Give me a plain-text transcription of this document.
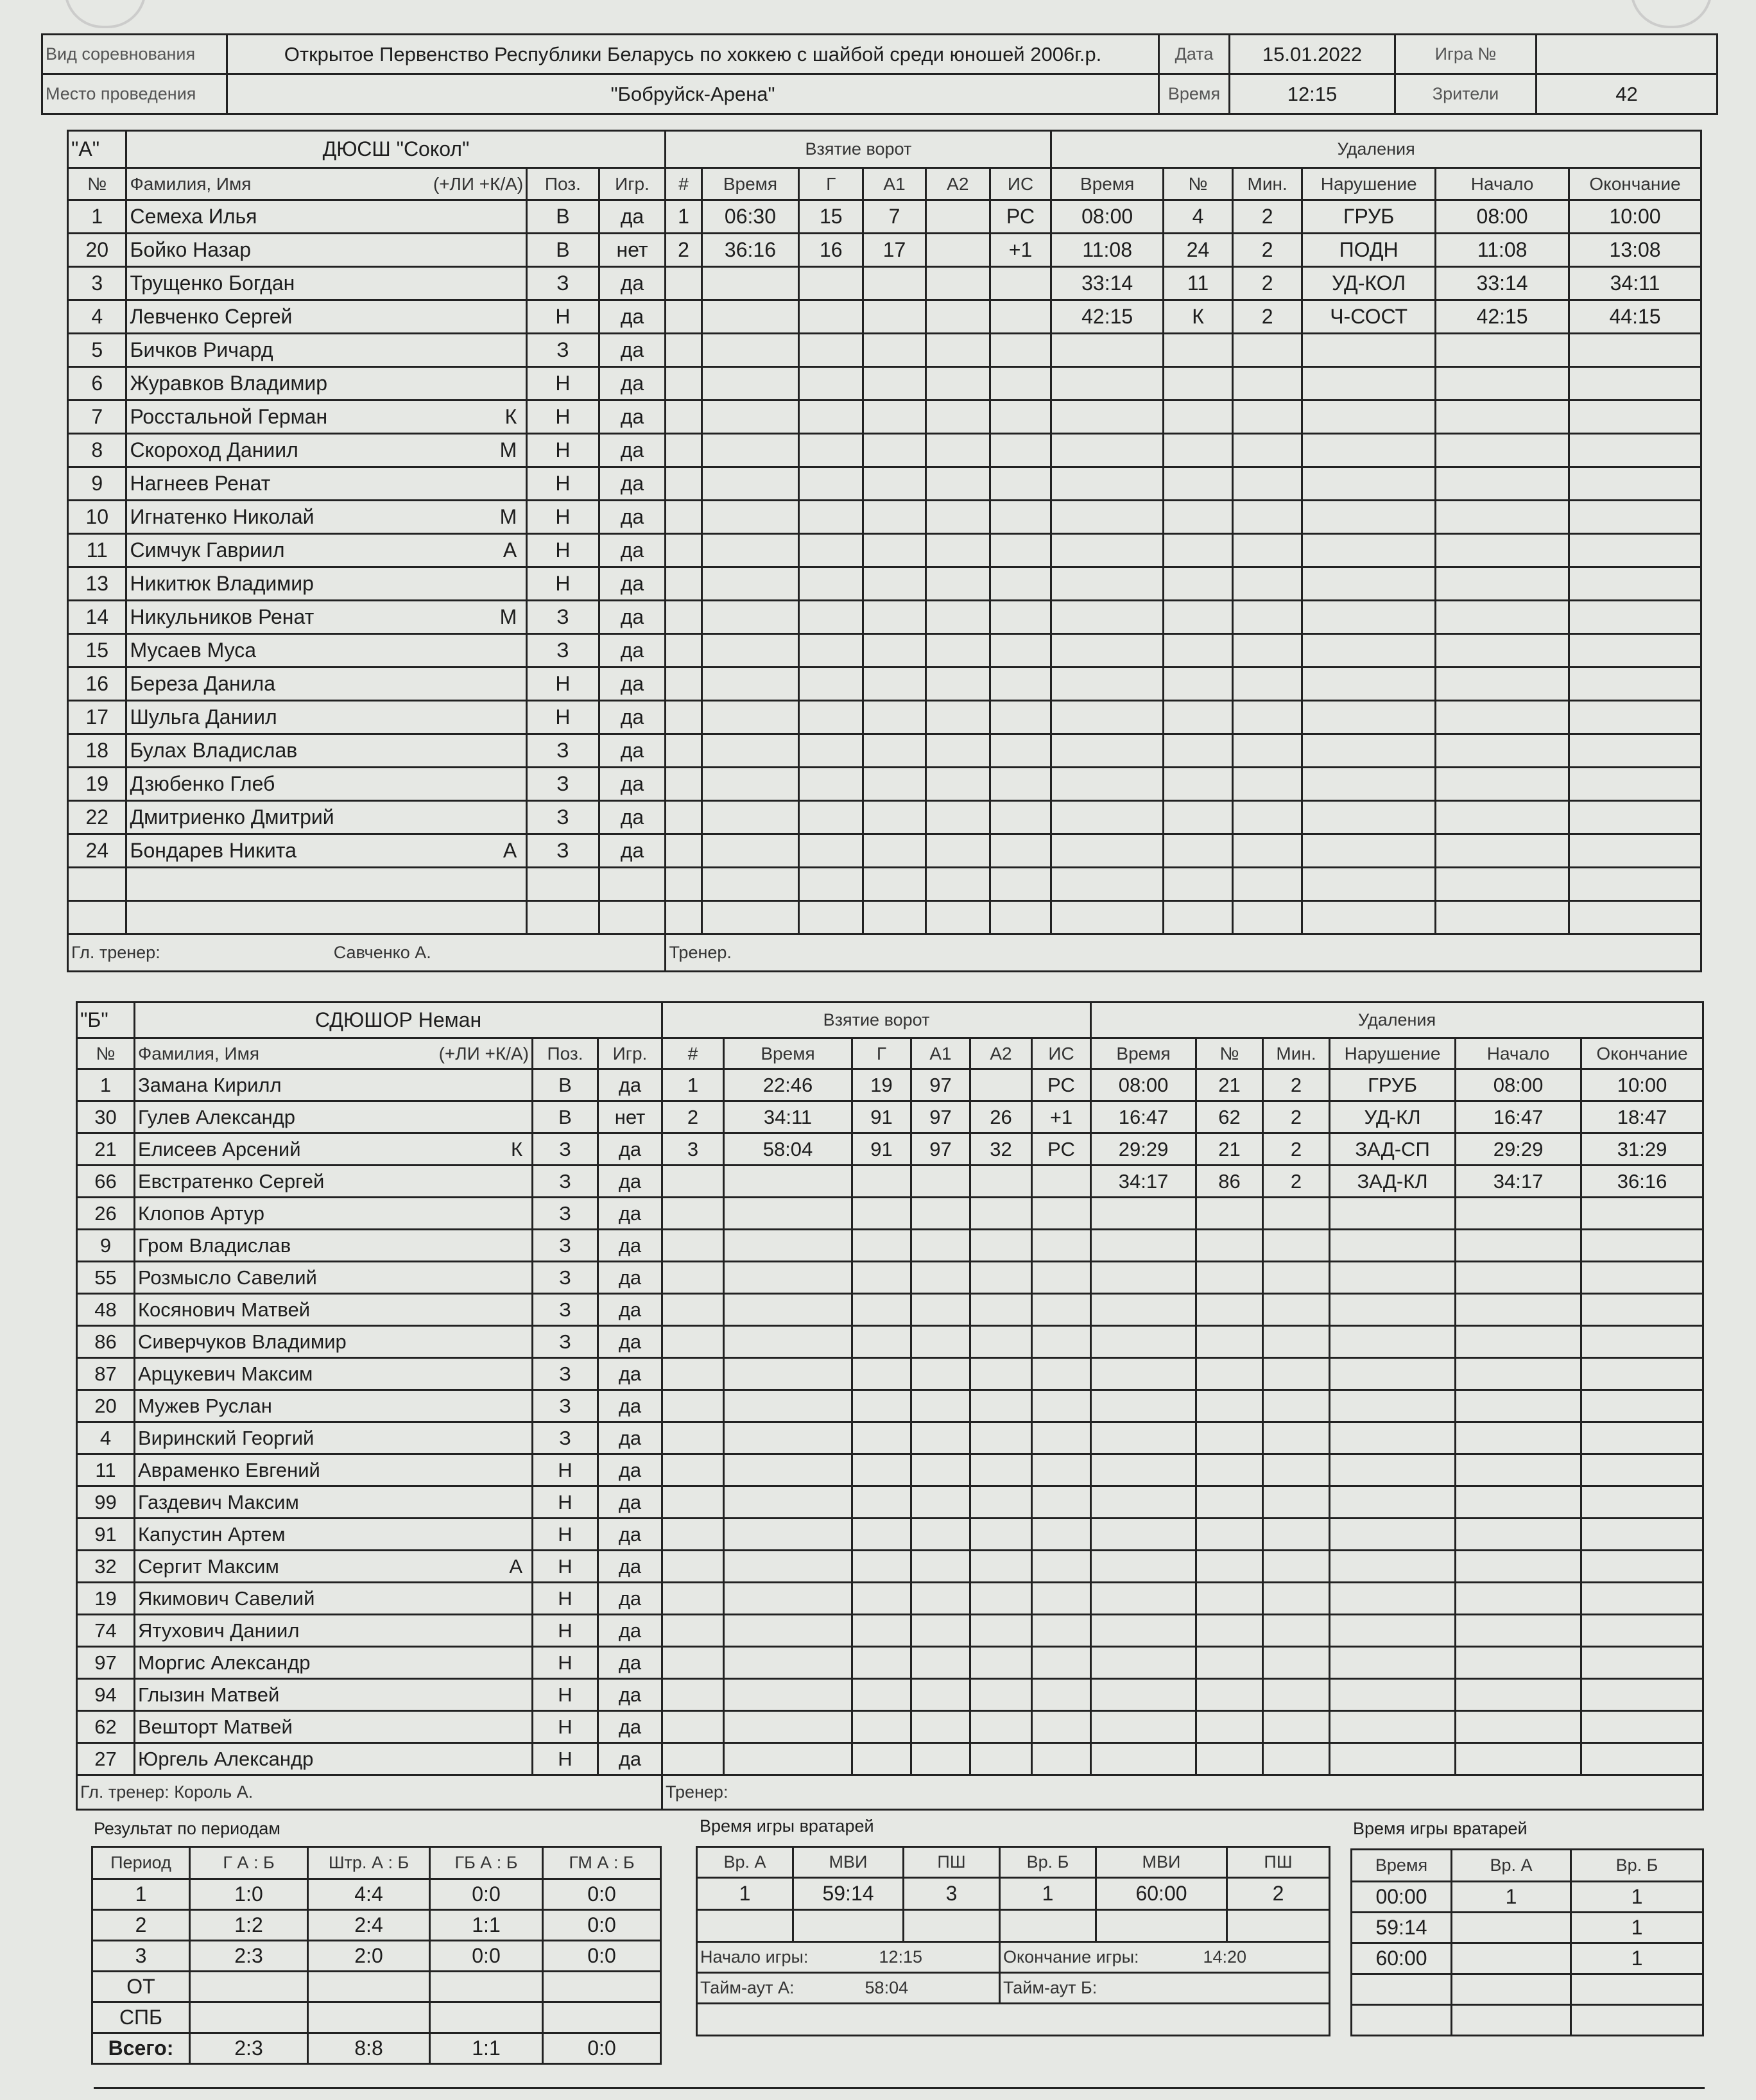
Вид соревнования	Открытое Первенство Республики Беларусь по хоккею с шайбой среди юношей 2006г.р.	Дата	15.01.2022	Игра №	
Место проведения	"Бобруйск-Арена"	Время	12:15	Зрители	42
"А"	ДЮСШ "Сокол"			Взятие ворот						Удаления					
№	Фамилия, Имя (+ЛИ +К/А)	Поз.	Игр.	#	Время	Г	А1	А2	ИС	Время	№	Мин.	Нарушение	Начало	Окончание
1	Семеха Илья	В	да	1	06:30	15	7		РС	08:00	4	2	ГРУБ	08:00	10:00
20	Бойко Назар	В	нет	2	36:16	16	17		+1	11:08	24	2	ПОДН	11:08	13:08
3	Трущенко Богдан	З	да							33:14	11	2	УД-КОЛ	33:14	34:11
4	Левченко Сергей	Н	да							42:15	К	2	Ч-СОСТ	42:15	44:15
5	Бичков Ричард	З	да												
6	Журавков Владимир	Н	да												
7	Росстальной Герман К	Н	да												
8	Скороход Даниил М	Н	да												
9	Нагнеев Ренат	Н	да												
10	Игнатенко Николай М	Н	да												
11	Симчук Гавриил А	Н	да												
13	Никитюк Владимир	Н	да												
14	Никульников Ренат М	З	да												
15	Мусаев Муса	З	да												
16	Береза Данила	Н	да												
17	Шульга Даниил	Н	да												
18	Булах Владислав	З	да												
19	Дзюбенко Глеб	З	да												
22	Дмитриенко Дмитрий	З	да												
24	Бондарев Никита А	З	да												

Гл. тренер: Савченко А.				Тренер.											
"Б"	СДЮШОР Неман			Взятие ворот						Удаления					
№	Фамилия, Имя (+ЛИ +К/А)	Поз.	Игр.	#	Время	Г	А1	А2	ИС	Время	№	Мин.	Нарушение	Начало	Окончание
1	Замана Кирилл	В	да	1	22:46	19	97		РС	08:00	21	2	ГРУБ	08:00	10:00
30	Гулев Александр	В	нет	2	34:11	91	97	26	+1	16:47	62	2	УД-КЛ	16:47	18:47
21	Елисеев Арсений К	З	да	3	58:04	91	97	32	РС	29:29	21	2	ЗАД-СП	29:29	31:29
66	Евстратенко Сергей	З	да							34:17	86	2	ЗАД-КЛ	34:17	36:16
26	Клопов Артур	З	да												
9	Гром Владислав	З	да												
55	Розмысло Савелий	З	да												
48	Косянович Матвей	З	да												
86	Сиверчуков Владимир	З	да												
87	Арцукевич Максим	З	да												
20	Мужев Руслан	З	да												
4	Виринский Георгий	З	да												
11	Авраменко Евгений	Н	да												
99	Газдевич Максим	Н	да												
91	Капустин Артем	Н	да												
32	Сергит Максим А	Н	да												
19	Якимович Савелий	Н	да												
74	Ятухович Даниил	Н	да												
97	Моргис Александр	Н	да												
94	Глызин Матвей	Н	да												
62	Вешторт Матвей	Н	да												
27	Юргель Александр	Н	да												
Гл. тренер: Король А.				Тренер:											
Результат по периодам
Период	Г А : Б	Штр. А : Б	ГБ А : Б	ГМ А : Б
1	1:0	4:4	0:0	0:0
2	1:2	2:4	1:1	0:0
3	2:3	2:0	0:0	0:0
ОТ				
СПБ				
Всего:	2:3	8:8	1:1	0:0
Время игры вратарей
Вр. А	МВИ	ПШ	Вр. Б	МВИ	ПШ
1	59:14	3	1	60:00	2

Начало игры: 12:15			Окончание игры: 14:20		
Тайм-аут А: 58:04			Тайм-аут Б:		

Время игры вратарей
Время	Вр. А	Вр. Б
00:00	1	1
59:14		1
60:00		1
